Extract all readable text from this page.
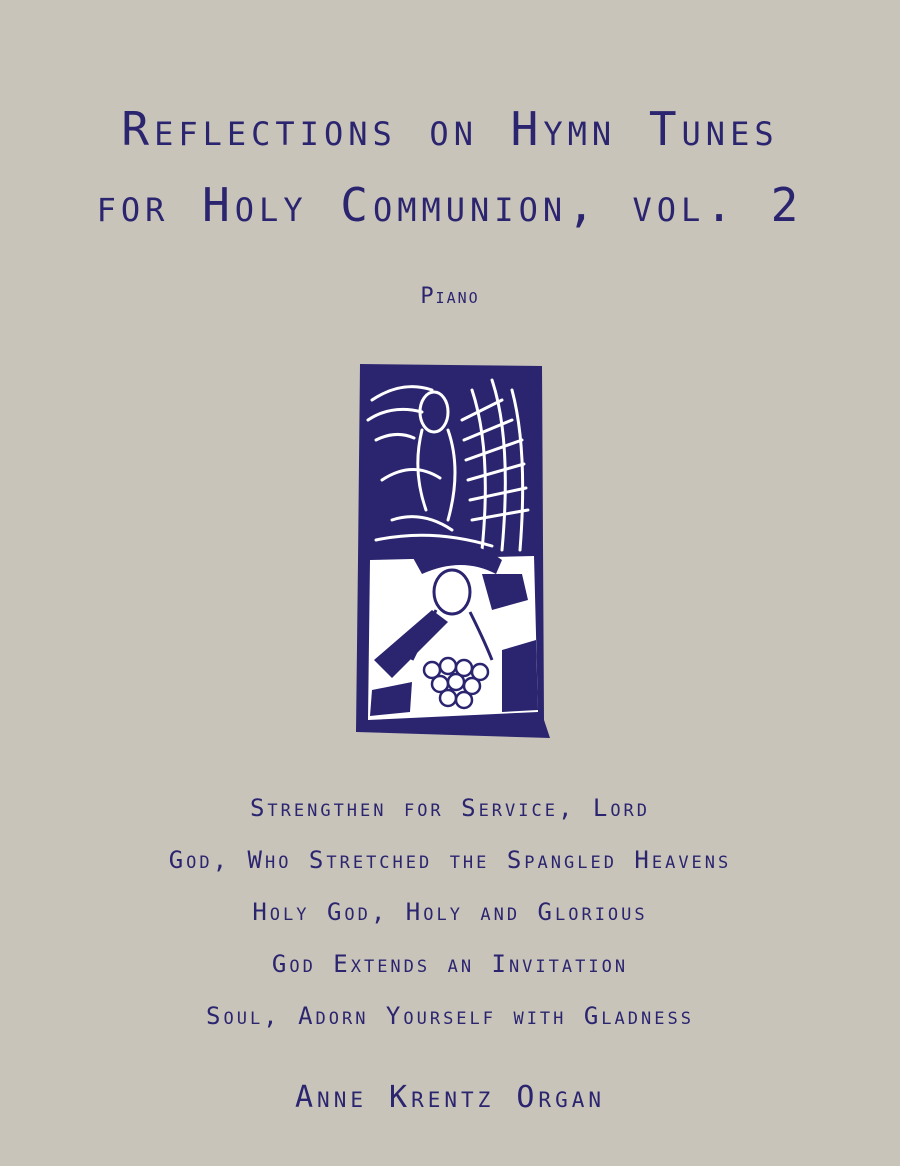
Reflections on Hymn Tunes
for Holy Communion, vol. 2
Piano
Strengthen for Service, Lord
God, Who Stretched the Spangled Heavens
Holy God, Holy and Glorious
God Extends an Invitation
Soul, Adorn Yourself with Gladness
Anne Krentz Organ
